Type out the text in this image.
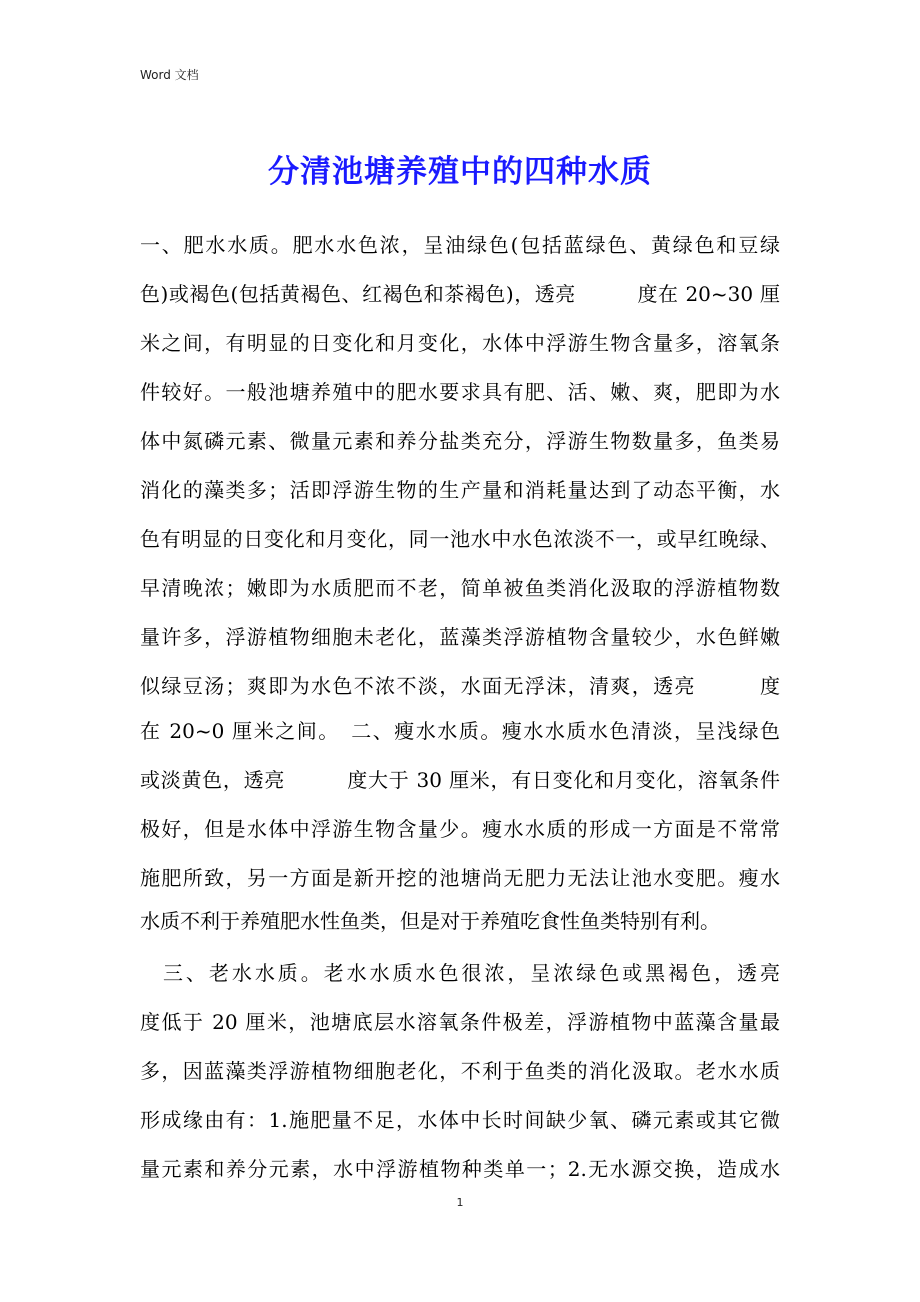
Word 文档
分清池塘养殖中的四种水质
一、肥水水质。肥水水色浓，呈油绿色(包括蓝绿色、黄绿色和豆绿
色)或褐色(包括黄褐色、红褐色和茶褐色)，透亮　　　度在 20~30 厘
米之间，有明显的日变化和月变化，水体中浮游生物含量多，溶氧条
件较好。一般池塘养殖中的肥水要求具有肥、活、嫩、爽，肥即为水
体中氮磷元素、微量元素和养分盐类充分，浮游生物数量多，鱼类易
消化的藻类多；活即浮游生物的生产量和消耗量达到了动态平衡，水
色有明显的日变化和月变化，同一池水中水色浓淡不一，或早红晚绿、
早清晚浓；嫩即为水质肥而不老，简单被鱼类消化汲取的浮游植物数
量许多，浮游植物细胞未老化，蓝藻类浮游植物含量较少，水色鲜嫩
似绿豆汤；爽即为水色不浓不淡，水面无浮沫，清爽，透亮　　　度
在 20~0 厘米之间。　二、瘦水水质。瘦水水质水色清淡，呈浅绿色
或淡黄色，透亮　　　度大于 30 厘米，有日变化和月变化，溶氧条件
极好，但是水体中浮游生物含量少。瘦水水质的形成一方面是不常常
施肥所致，另一方面是新开挖的池塘尚无肥力无法让池水变肥。瘦水
水质不利于养殖肥水性鱼类，但是对于养殖吃食性鱼类特别有利。
　三、老水水质。老水水质水色很浓，呈浓绿色或黑褐色，透亮
度低于 20 厘米，池塘底层水溶氧条件极差，浮游植物中蓝藻含量最
多，因蓝藻类浮游植物细胞老化，不利于鱼类的消化汲取。老水水质
形成缘由有：1.施肥量不足，水体中长时间缺少氧、磷元素或其它微
量元素和养分元素，水中浮游植物种类单一；2.无水源交换，造成水
1
